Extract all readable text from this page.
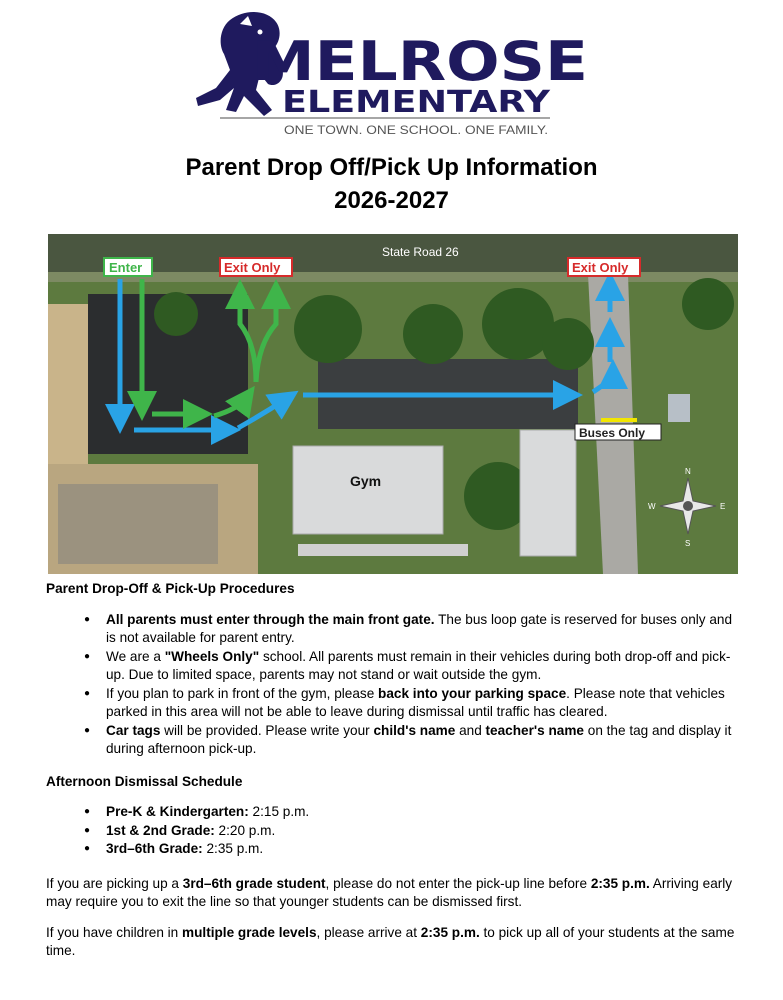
MELROSE
ELEMENTARY
ONE TOWN. ONE SCHOOL. ONE FAMILY.
Parent Drop Off/Pick Up Information
2026-2027
State Road 26
Gym
Enter	Exit Only	Exit Only
Buses Only
N
S
E
W

Parent Drop-Off & Pick-Up Procedures

● All parents must enter through the main front gate. The bus loop gate is reserved for buses only and is not available for parent entry.
● We are a "Wheels Only" school. All parents must remain in their vehicles during both drop-off and pick-up. Due to limited space, parents may not stand or wait outside the gym.
● If you plan to park in front of the gym, please back into your parking space. Please note that vehicles parked in this area will not be able to leave during dismissal until traffic has cleared.
● Car tags will be provided. Please write your child's name and teacher's name on the tag and display it during afternoon pick-up.

Afternoon Dismissal Schedule

● Pre-K & Kindergarten: 2:15 p.m.
● 1st & 2nd Grade: 2:20 p.m.
● 3rd–6th Grade: 2:35 p.m.

If you are picking up a 3rd–6th grade student, please do not enter the pick-up line before 2:35 p.m. Arriving early may require you to exit the line so that younger students can be dismissed first.

If you have children in multiple grade levels, please arrive at 2:35 p.m. to pick up all of your students at the same time.
